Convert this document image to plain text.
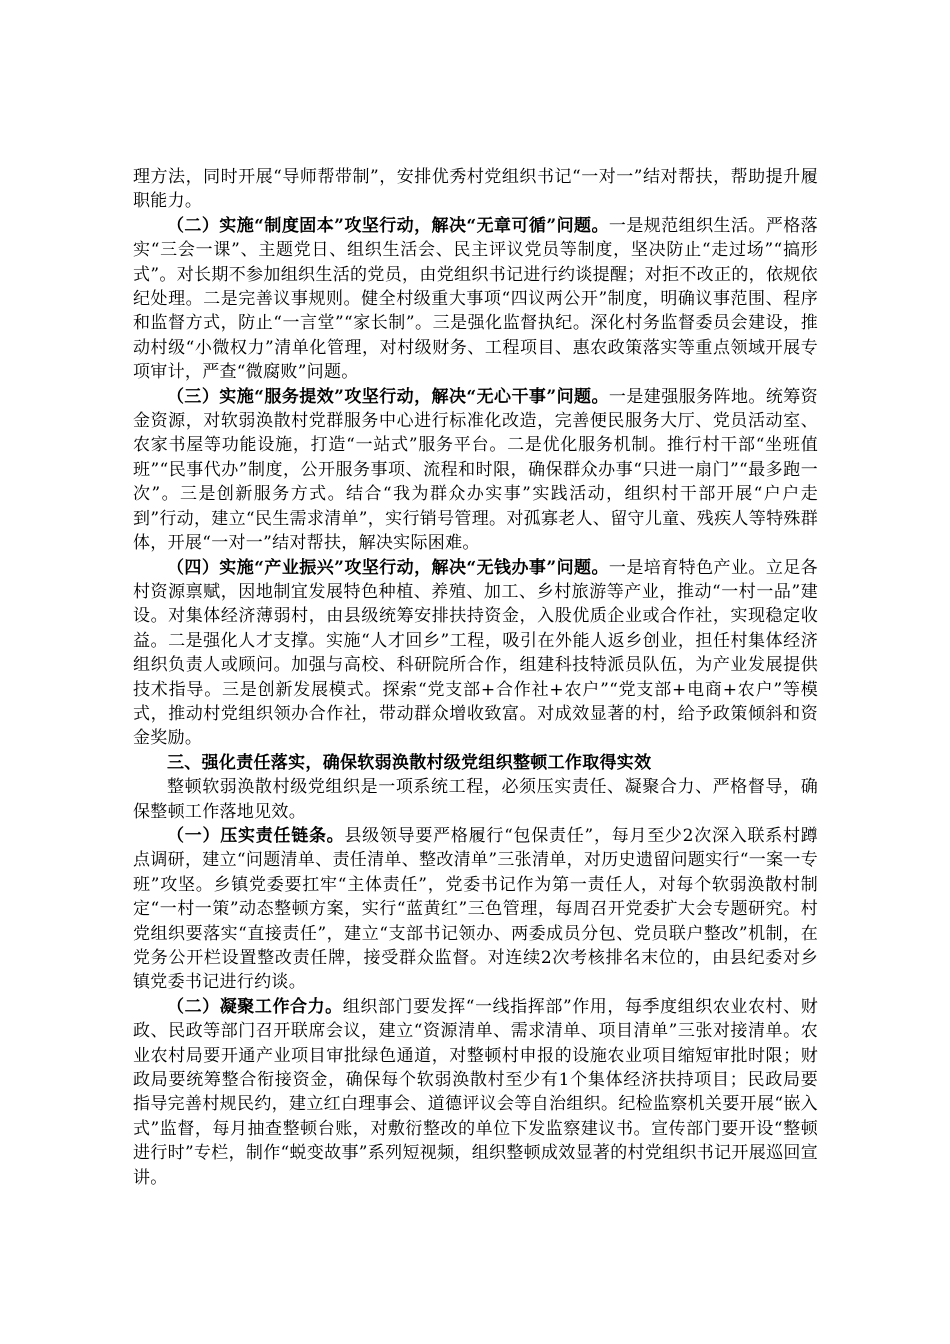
理方法，同时开展“导师帮带制”，安排优秀村党组织书记“一对一”结对帮扶，帮助提升履职能力。

（二）实施“制度固本”攻坚行动，解决“无章可循”问题。一是规范组织生活。严格落实“三会一课”、主题党日、组织生活会、民主评议党员等制度，坚决防止“走过场”“搞形式”。对长期不参加组织生活的党员，由党组织书记进行约谈提醒；对拒不改正的，依规依纪处理。二是完善议事规则。健全村级重大事项“四议两公开”制度，明确议事范围、程序和监督方式，防止“一言堂”“家长制”。三是强化监督执纪。深化村务监督委员会建设，推动村级“小微权力”清单化管理，对村级财务、工程项目、惠农政策落实等重点领域开展专项审计，严查“微腐败”问题。

（三）实施“服务提效”攻坚行动，解决“无心干事”问题。一是建强服务阵地。统筹资金资源，对软弱涣散村党群服务中心进行标准化改造，完善便民服务大厅、党员活动室、农家书屋等功能设施，打造“一站式”服务平台。二是优化服务机制。推行村干部“坐班值班”“民事代办”制度，公开服务事项、流程和时限，确保群众办事“只进一扇门”“最多跑一次”。三是创新服务方式。结合“我为群众办实事”实践活动，组织村干部开展“户户走到”行动，建立“民生需求清单”，实行销号管理。对孤寡老人、留守儿童、残疾人等特殊群体，开展“一对一”结对帮扶，解决实际困难。

（四）实施“产业振兴”攻坚行动，解决“无钱办事”问题。一是培育特色产业。立足各村资源禀赋，因地制宜发展特色种植、养殖、加工、乡村旅游等产业，推动“一村一品”建设。对集体经济薄弱村，由县级统筹安排扶持资金，入股优质企业或合作社，实现稳定收益。二是强化人才支撑。实施“人才回乡”工程，吸引在外能人返乡创业，担任村集体经济组织负责人或顾问。加强与高校、科研院所合作，组建科技特派员队伍，为产业发展提供技术指导。三是创新发展模式。探索“党支部+合作社+农户”“党支部+电商+农户”等模式，推动村党组织领办合作社，带动群众增收致富。对成效显著的村，给予政策倾斜和资金奖励。

三、强化责任落实，确保软弱涣散村级党组织整顿工作取得实效

整顿软弱涣散村级党组织是一项系统工程，必须压实责任、凝聚合力、严格督导，确保整顿工作落地见效。

（一）压实责任链条。县级领导要严格履行“包保责任”，每月至少2次深入联系村蹲点调研，建立“问题清单、责任清单、整改清单”三张清单，对历史遗留问题实行“一案一专班”攻坚。乡镇党委要扛牢“主体责任”，党委书记作为第一责任人，对每个软弱涣散村制定“一村一策”动态整顿方案，实行“蓝黄红”三色管理，每周召开党委扩大会专题研究。村党组织要落实“直接责任”，建立“支部书记领办、两委成员分包、党员联户整改”机制，在党务公开栏设置整改责任牌，接受群众监督。对连续2次考核排名末位的，由县纪委对乡镇党委书记进行约谈。

（二）凝聚工作合力。组织部门要发挥“一线指挥部”作用，每季度组织农业农村、财政、民政等部门召开联席会议，建立“资源清单、需求清单、项目清单”三张对接清单。农业农村局要开通产业项目审批绿色通道，对整顿村申报的设施农业项目缩短审批时限；财政局要统筹整合衔接资金，确保每个软弱涣散村至少有1个集体经济扶持项目；民政局要指导完善村规民约，建立红白理事会、道德评议会等自治组织。纪检监察机关要开展“嵌入式”监督，每月抽查整顿台账，对敷衍整改的单位下发监察建议书。宣传部门要开设“整顿进行时”专栏，制作“蜕变故事”系列短视频，组织整顿成效显著的村党组织书记开展巡回宣讲。
